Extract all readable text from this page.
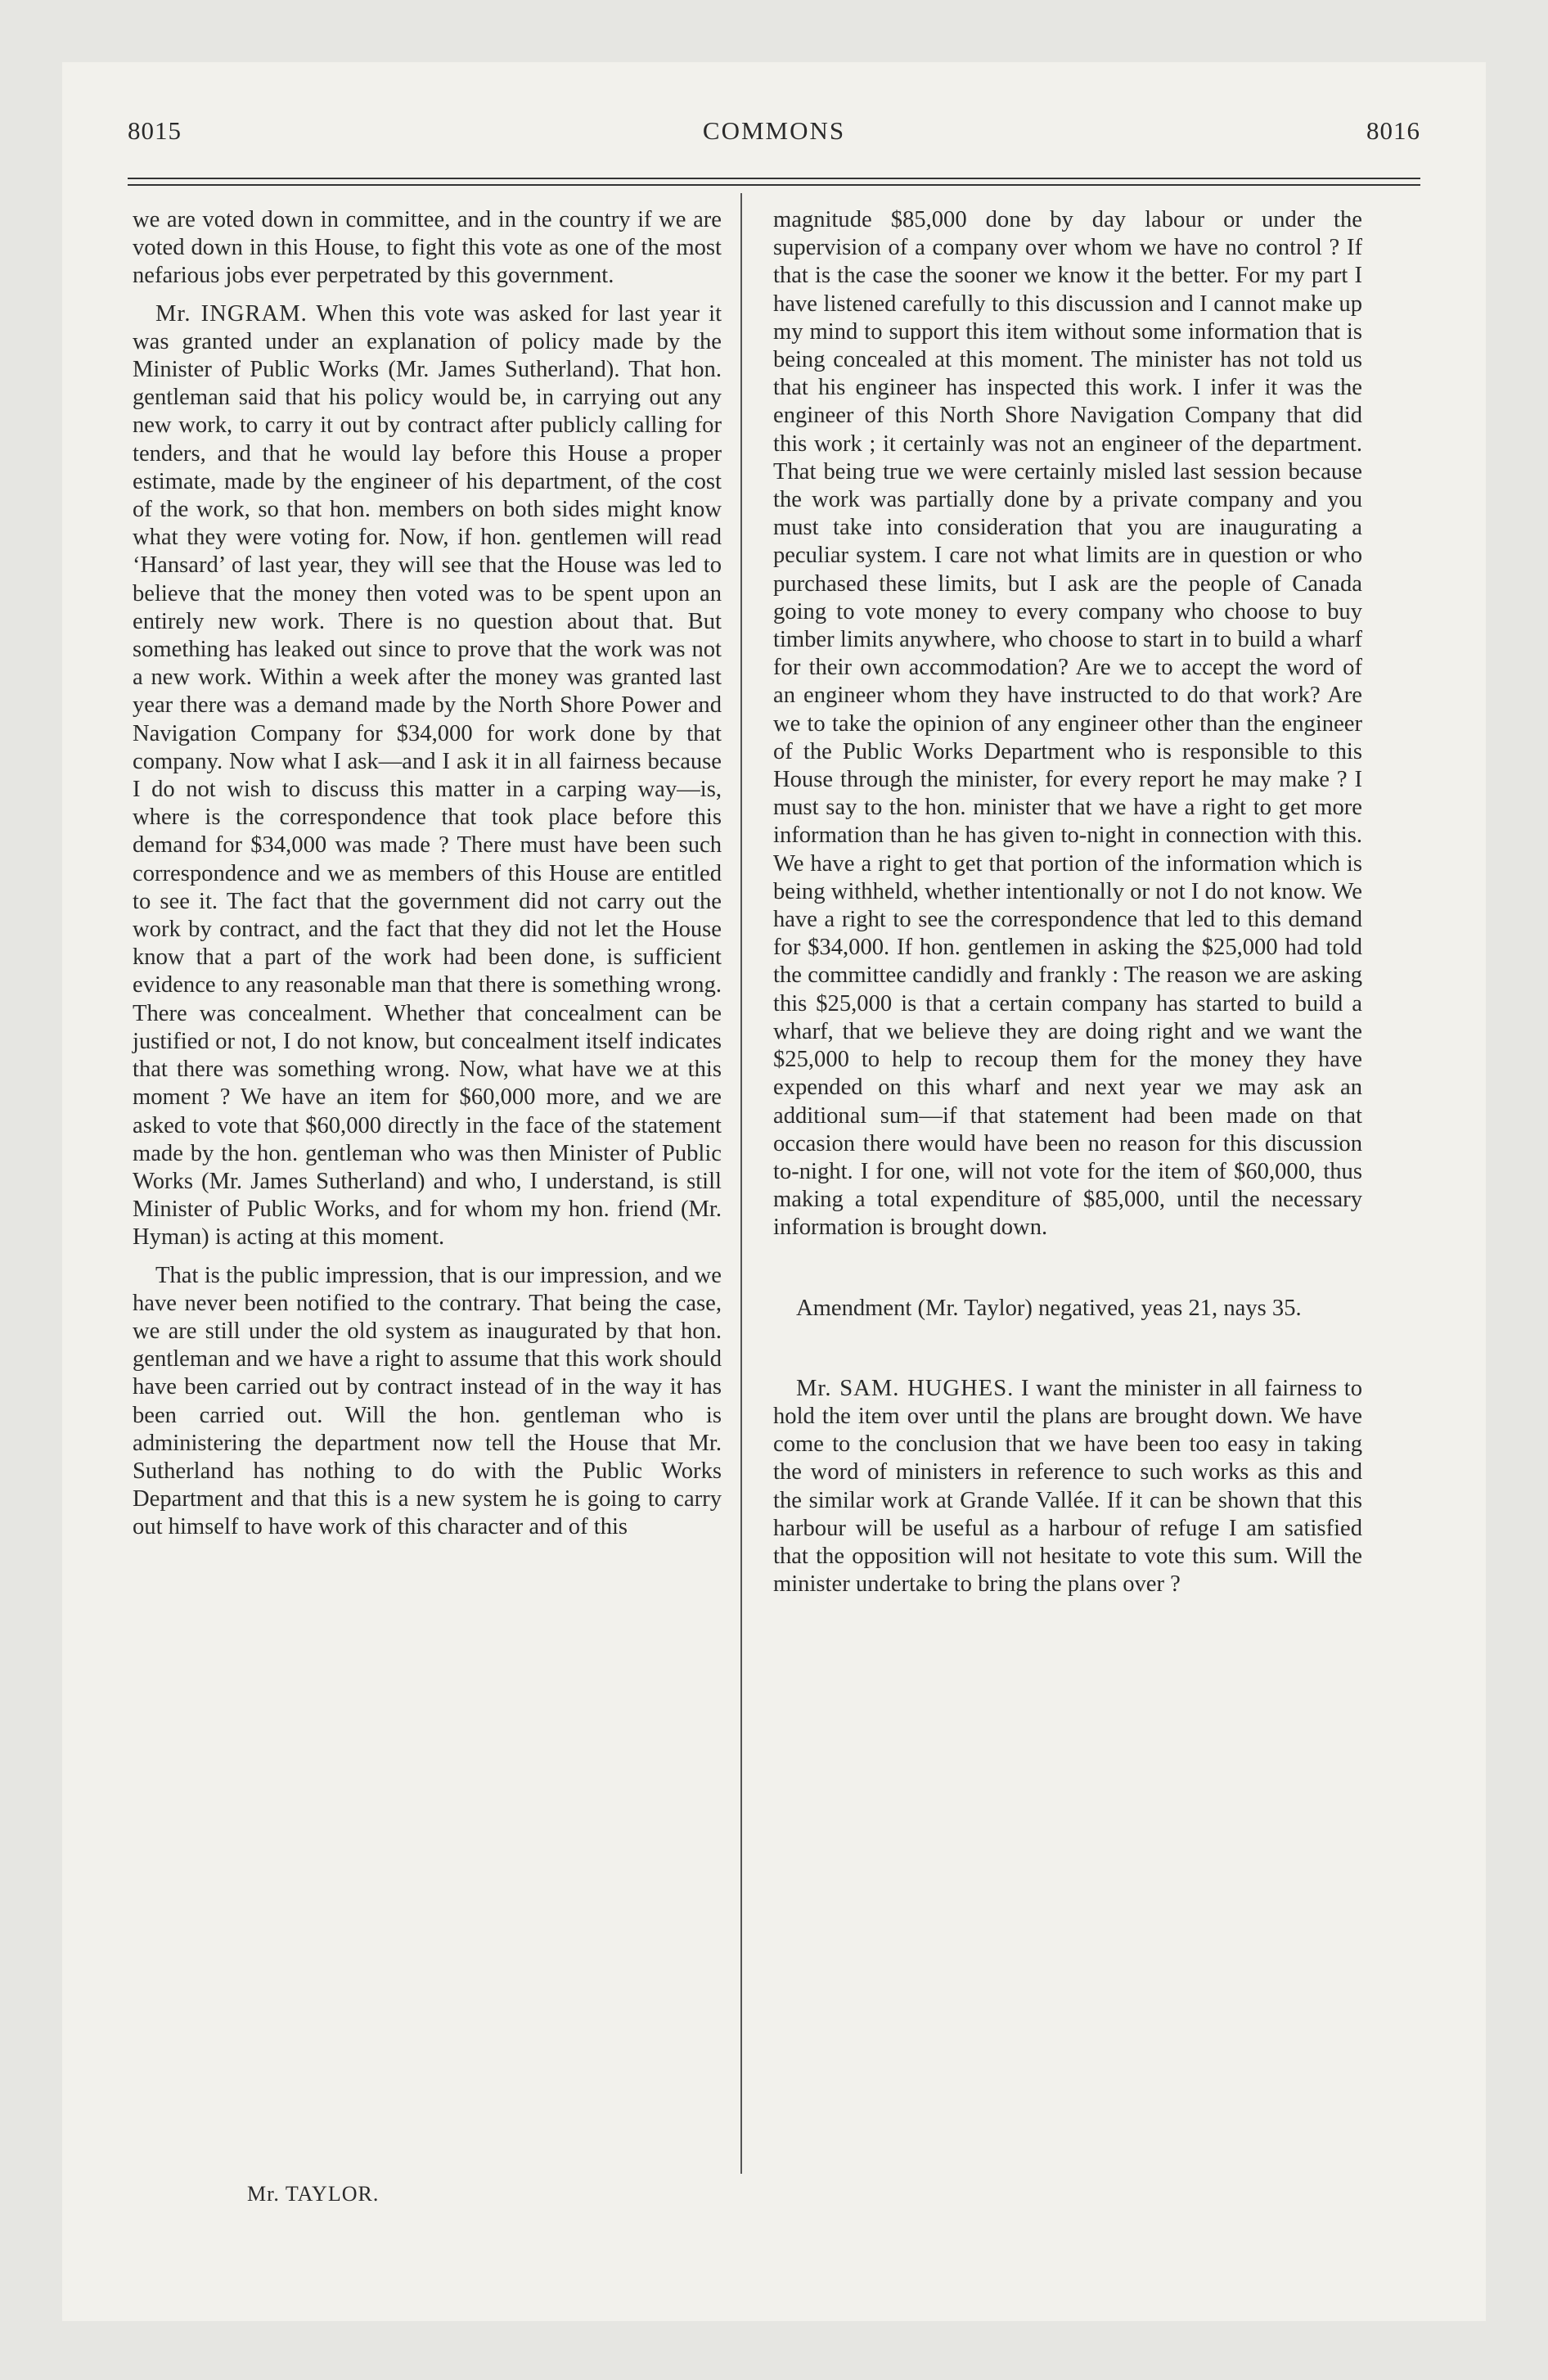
8015	COMMONS	8016

we are voted down in committee, and in the country if we are voted down in this House, to fight this vote as one of the most nefarious jobs ever perpetrated by this government.

Mr. INGRAM. When this vote was asked for last year it was granted under an explanation of policy made by the Minister of Public Works (Mr. James Sutherland). That hon. gentleman said that his policy would be, in carrying out any new work, to carry it out by contract after publicly calling for tenders, and that he would lay before this House a proper estimate, made by the engineer of his department, of the cost of the work, so that hon. members on both sides might know what they were voting for. Now, if hon. gentlemen will read ‘Hansard’ of last year, they will see that the House was led to believe that the money then voted was to be spent upon an entirely new work. There is no question about that. But something has leaked out since to prove that the work was not a new work. Within a week after the money was granted last year there was a demand made by the North Shore Power and Navigation Company for $34,000 for work done by that company. Now what I ask—and I ask it in all fairness because I do not wish to discuss this matter in a carping way—is, where is the correspondence that took place before this demand for $34,000 was made ? There must have been such correspondence and we as members of this House are entitled to see it. The fact that the government did not carry out the work by contract, and the fact that they did not let the House know that a part of the work had been done, is sufficient evidence to any reasonable man that there is something wrong. There was concealment. Whether that concealment can be justified or not, I do not know, but concealment itself indicates that there was something wrong. Now, what have we at this moment ? We have an item for $60,000 more, and we are asked to vote that $60,000 directly in the face of the statement made by the hon. gentleman who was then Minister of Public Works (Mr. James Sutherland) and who, I understand, is still Minister of Public Works, and for whom my hon. friend (Mr. Hyman) is acting at this moment.

That is the public impression, that is our impression, and we have never been notified to the contrary. That being the case, we are still under the old system as inaugurated by that hon. gentleman and we have a right to assume that this work should have been carried out by contract instead of in the way it has been carried out. Will the hon. gentleman who is administering the department now tell the House that Mr. Sutherland has nothing to do with the Public Works Department and that this is a new system he is going to carry out himself to have work of this character and of this

magnitude $85,000 done by day labour or under the supervision of a company over whom we have no control ? If that is the case the sooner we know it the better. For my part I have listened carefully to this discussion and I cannot make up my mind to support this item without some information that is being concealed at this moment. The minister has not told us that his engineer has inspected this work. I infer it was the engineer of this North Shore Navigation Company that did this work ; it certainly was not an engineer of the department. That being true we were certainly misled last session because the work was partially done by a private company and you must take into consideration that you are inaugurating a peculiar system. I care not what limits are in question or who purchased these limits, but I ask are the people of Canada going to vote money to every company who choose to buy timber limits anywhere, who choose to start in to build a wharf for their own accommodation? Are we to accept the word of an engineer whom they have instructed to do that work? Are we to take the opinion of any engineer other than the engineer of the Public Works Department who is responsible to this House through the minister, for every report he may make ? I must say to the hon. minister that we have a right to get more information than he has given to-night in connection with this. We have a right to get that portion of the information which is being withheld, whether intentionally or not I do not know. We have a right to see the correspondence that led to this demand for $34,000. If hon. gentlemen in asking the $25,000 had told the committee candidly and frankly : The reason we are asking this $25,000 is that a certain company has started to build a wharf, that we believe they are doing right and we want the $25,000 to help to recoup them for the money they have expended on this wharf and next year we may ask an additional sum—if that statement had been made on that occasion there would have been no reason for this discussion to-night. I for one, will not vote for the item of $60,000, thus making a total expenditure of $85,000, until the necessary information is brought down.

Amendment (Mr. Taylor) negatived, yeas 21, nays 35.

Mr. SAM. HUGHES. I want the minister in all fairness to hold the item over until the plans are brought down. We have come to the conclusion that we have been too easy in taking the word of ministers in reference to such works as this and the similar work at Grande Vallée. If it can be shown that this harbour will be useful as a harbour of refuge I am satisfied that the opposition will not hesitate to vote this sum. Will the minister undertake to bring the plans over ?

Mr. TAYLOR.
